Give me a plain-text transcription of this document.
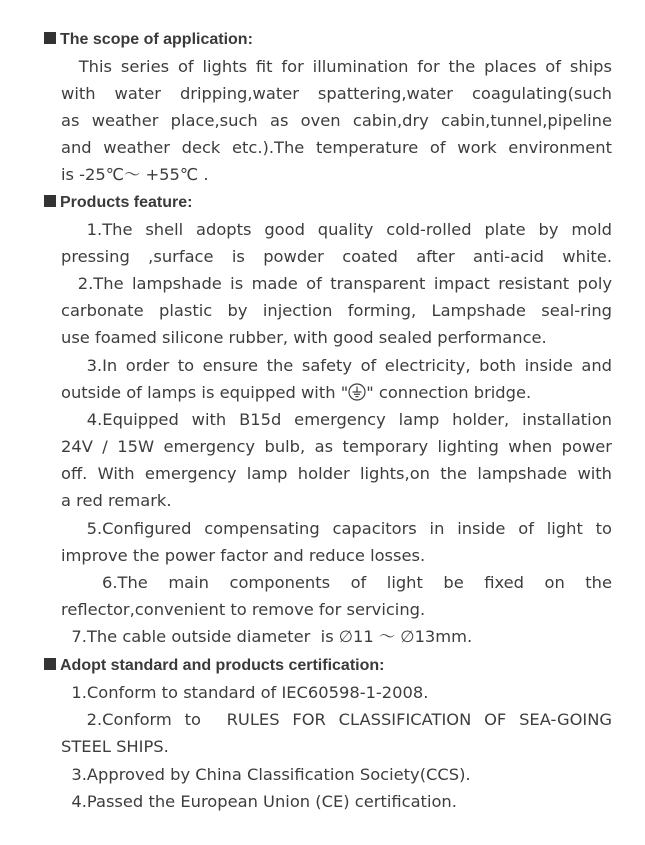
The scope of application:
This series of lights fit for illumination for the places of ships
with water dripping,water spattering,water coagulating(such
as weather place,such as oven cabin,dry cabin,tunnel,pipeline
and weather deck etc.).The temperature of work environment
is -25℃～ +55℃ .
Products feature:
1.The shell adopts good quality cold-rolled plate by mold
pressing ,surface is powder coated after anti-acid white.
2.The lampshade is made of transparent impact resistant poly
carbonate plastic by injection forming, Lampshade seal-ring
use foamed silicone rubber, with good sealed performance.
3.In order to ensure the safety of electricity, both inside and
outside of lamps is equipped with " " connection bridge.
4.Equipped with B15d emergency lamp holder, installation
24V / 15W emergency bulb, as temporary lighting when power
off. With emergency lamp holder lights,on the lampshade with
a red remark.
5.Configured compensating capacitors in inside of light to
improve the power factor and reduce losses.
6.The main components of light be fixed on the
reflector,convenient to remove for servicing.
7.The cable outside diameter  is ∅11 ～ ∅13mm.
Adopt standard and products certification:
1.Conform to standard of IEC60598-1-2008.
2.Conform to  RULES FOR CLASSIFICATION OF SEA-GOING
STEEL SHIPS.
3.Approved by China Classification Society(CCS).
4.Passed the European Union (CE) certification.
